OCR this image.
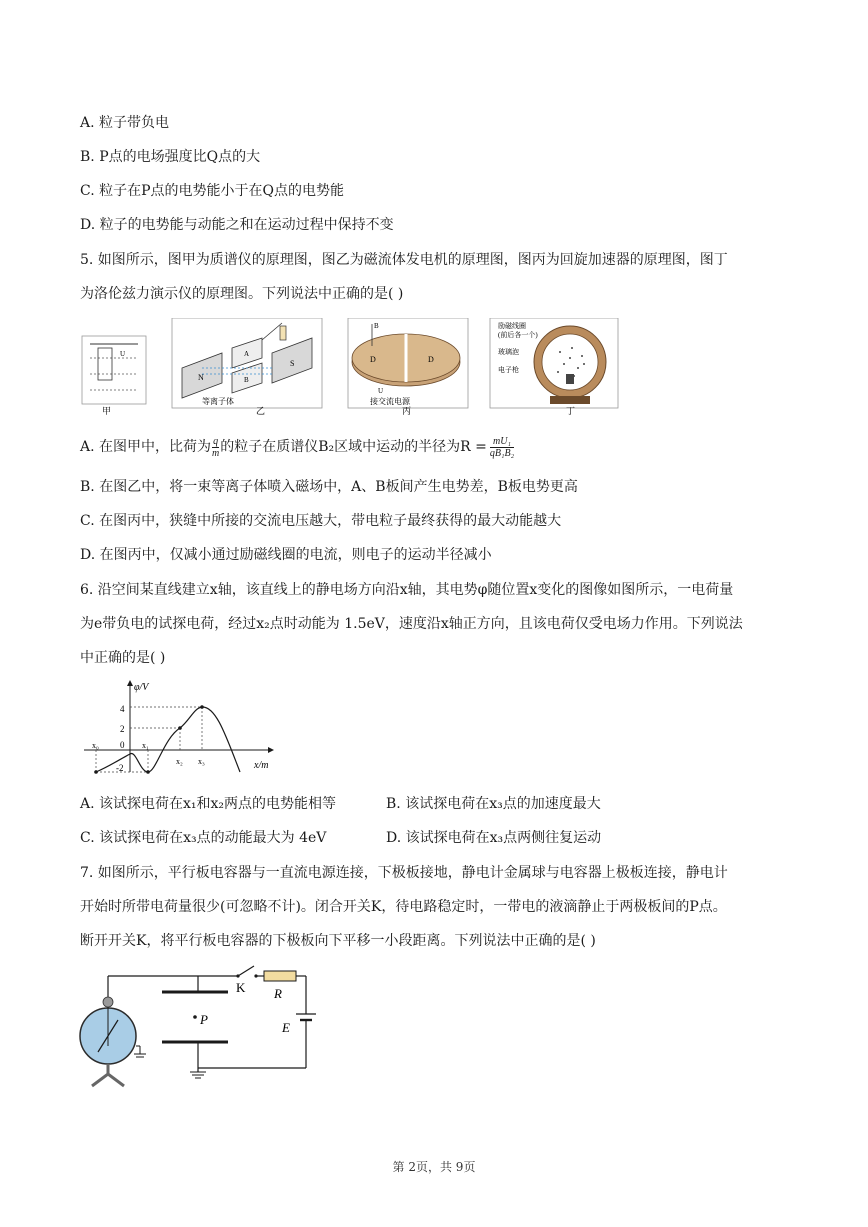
A. 粒子带负电
B. P点的电场强度比Q点的大
C. 粒子在P点的电势能小于在Q点的电势能
D. 粒子的电势能与动能之和在运动过程中保持不变
5. 如图所示，图甲为质谱仪的原理图，图乙为磁流体发电机的原理图，图丙为回旋加速器的原理图，图丁
为洛伦兹力演示仪的原理图。下列说法中正确的是( )
U
甲
N
S
A
B
等离子体
乙
D	D
B
U
接交流电源
丙
励磁线圈
(前后各一个)
玻璃泡
电子枪
丁
A. 在图甲中，比荷为 $\frac{q}{m}$ 的粒子在质谱仪B₂区域中运动的半径为$R = \frac{\text{mU₁}}{\text{qB₁B₂}}$
B. 在图乙中，将一束等离子体喷入磁场中，A、B板间产生电势差，B板电势更高
C. 在图丙中，狭缝中所接的交流电压越大，带电粒子最终获得的最大动能越大
D. 在图丙中，仅减小通过励磁线圈的电流，则电子的运动半径减小
6. 沿空间某直线建立x轴，该直线上的静电场方向沿x轴，其电势φ随位置x变化的图像如图所示，一电荷量
为e带负电的试探电荷，经过x₂点时动能为 1.5eV，速度沿x轴正方向，且该电荷仅受电场力作用。下列说法
中正确的是( )
φ/V
x/m
4
2
0
-2
x₀	x₁
x₂ x₃
A. 该试探电荷在x₁和x₂两点的电势能相等	B. 该试探电荷在x₃点的加速度最大
C. 该试探电荷在x₃点的动能最大为 4eV	D. 该试探电荷在x₃点两侧往复运动
7. 如图所示，平行板电容器与一直流电源连接，下极板接地，静电计金属球与电容器上极板连接，静电计
开始时所带电荷量很少(可忽略不计)。闭合开关K，待电路稳定时，一带电的液滴静止于两极板间的P点。
断开开关K，将平行板电容器的下极板向下平移一小段距离。下列说法中正确的是( )
K R
E
P
第 2页，共 9页
